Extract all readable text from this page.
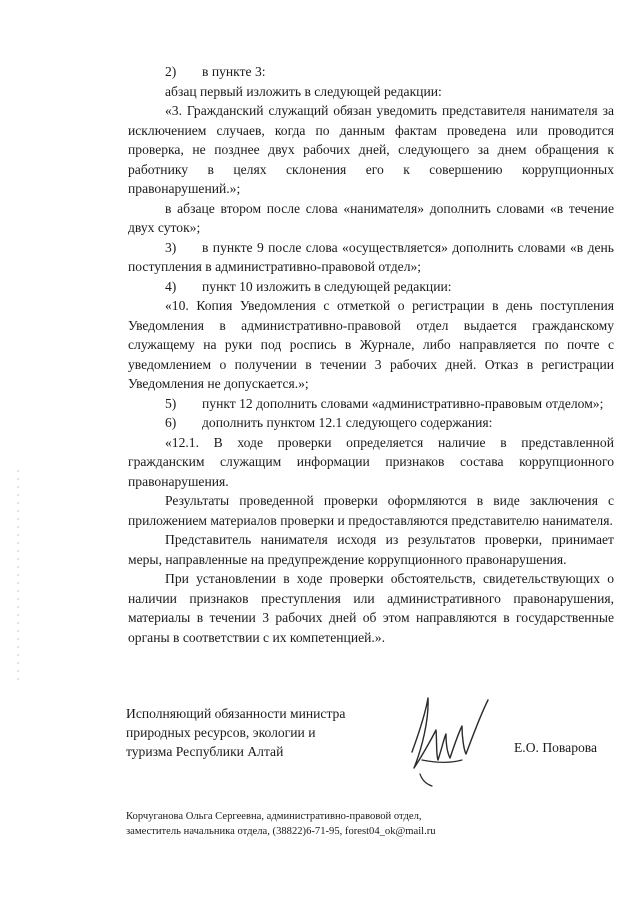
2)	в пункте 3:

абзац первый изложить в следующей редакции:

«3. Гражданский служащий обязан уведомить представителя нанимателя за исключением случаев, когда по данным фактам проведена или проводится проверка, не позднее двух рабочих дней, следующего за днем обращения к работнику в целях склонения его к совершению коррупционных правонарушений.»;

в абзаце втором после слова «нанимателя» дополнить словами «в течение двух суток»;

3) в пункте 9 после слова «осуществляется» дополнить словами «в день поступления в административно-правовой отдел»;

4)	пункт 10 изложить в следующей редакции:

«10. Копия Уведомления с отметкой о регистрации в день поступления Уведомления в административно-правовой отдел выдается гражданскому служащему на руки под роспись в Журнале, либо направляется по почте с уведомлением о получении в течении 3 рабочих дней. Отказ в регистрации Уведомления не допускается.»;

5) пункт 12 дополнить словами «административно-правовым отделом»;

6)	дополнить пунктом 12.1 следующего содержания:

«12.1. В ходе проверки определяется наличие в представленной гражданским служащим информации признаков состава коррупционного правонарушения.

Результаты проведенной проверки оформляются в виде заключения с приложением материалов проверки и предоставляются представителю нанимателя.

Представитель нанимателя исходя из результатов проверки, принимает меры, направленные на предупреждение коррупционного правонарушения.

При установлении в ходе проверки обстоятельств, свидетельствующих о наличии признаков преступления или административного правонарушения, материалы в течении 3 рабочих дней об этом направляются в государственные органы в соответствии с их компетенцией.».

Исполняющий обязанности министра
природных ресурсов, экологии и
туризма Республики Алтай	Е.О. Поварова
Корчуганова Ольга Сергеевна, административно-правовой отдел,
заместитель начальника отдела, (38822)6-71-95, forest04_ok@mail.ru
